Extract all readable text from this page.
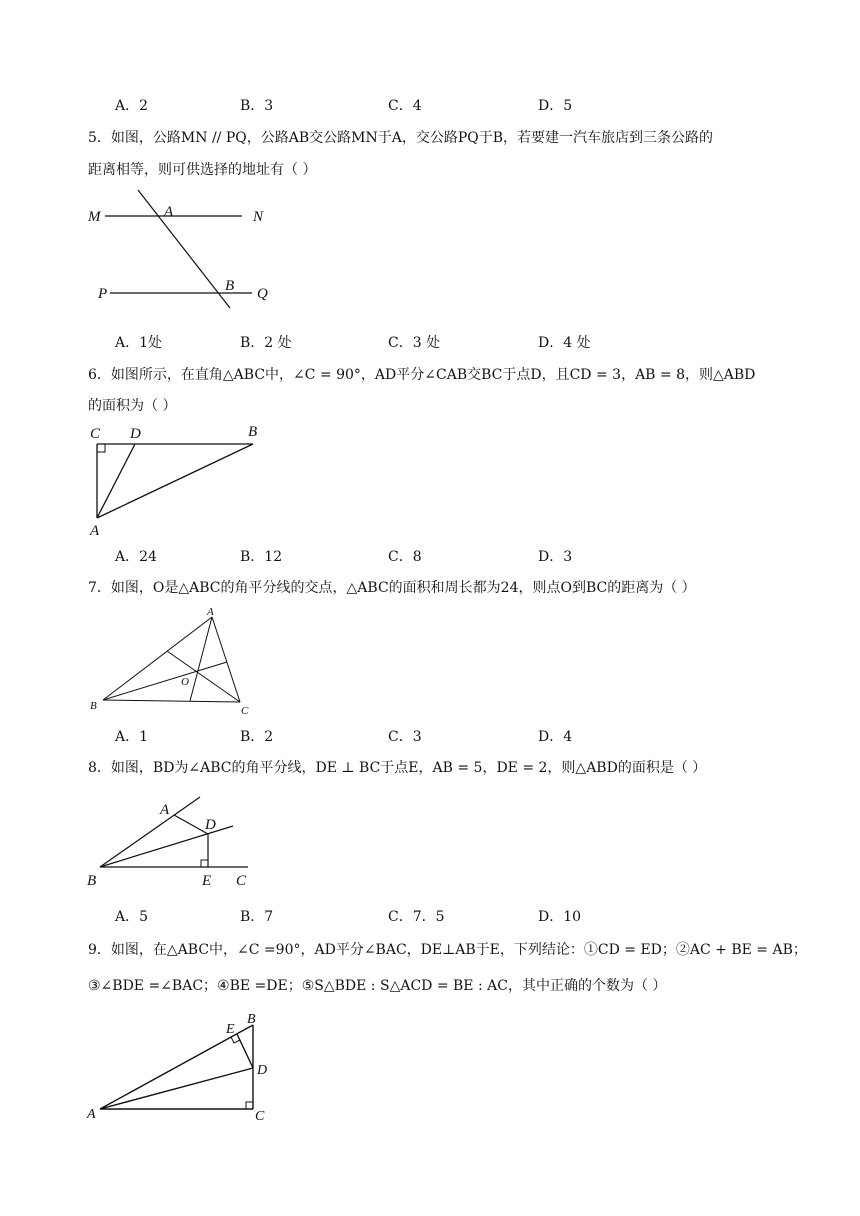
A．2	B．3	C．4	D．5
5．如图，公路MN // PQ，公路AB交公路MN于A，交公路PQ于B，若要建一汽车旅店到三条公路的
距离相等，则可供选择的地址有（ ）
M	N
A
P	B Q
A．1处	B．2 处	C．3 处	D．4 处
6．如图所示，在直角△ABC中，∠C = 90°，AD平分∠CAB交BC于点D，且CD = 3，AB = 8，则△ABD
的面积为（ ）
C D	B
A
A．24	B．12	C．8	D．3
7．如图，O是△ABC的角平分线的交点，△ABC的面积和周长都为24，则点O到BC的距离为（ ）
A
B	C
O
A．1	B．2	C．3	D．4
8．如图，BD为∠ABC的角平分线，DE ⊥ BC于点E，AB = 5，DE = 2，则△ABD的面积是（ ）
A
D
B	E C
A．5	B．7	C．7．5	D．10
9．如图，在△ABC中，∠C =90°，AD平分∠BAC，DE⊥AB于E，下列结论：①CD = ED；②AC + BE = AB；
③∠BDE =∠BAC；④BE =DE；⑤S△BDE : S△ACD = BE : AC，其中正确的个数为（ ）
E
B
D
A	C
